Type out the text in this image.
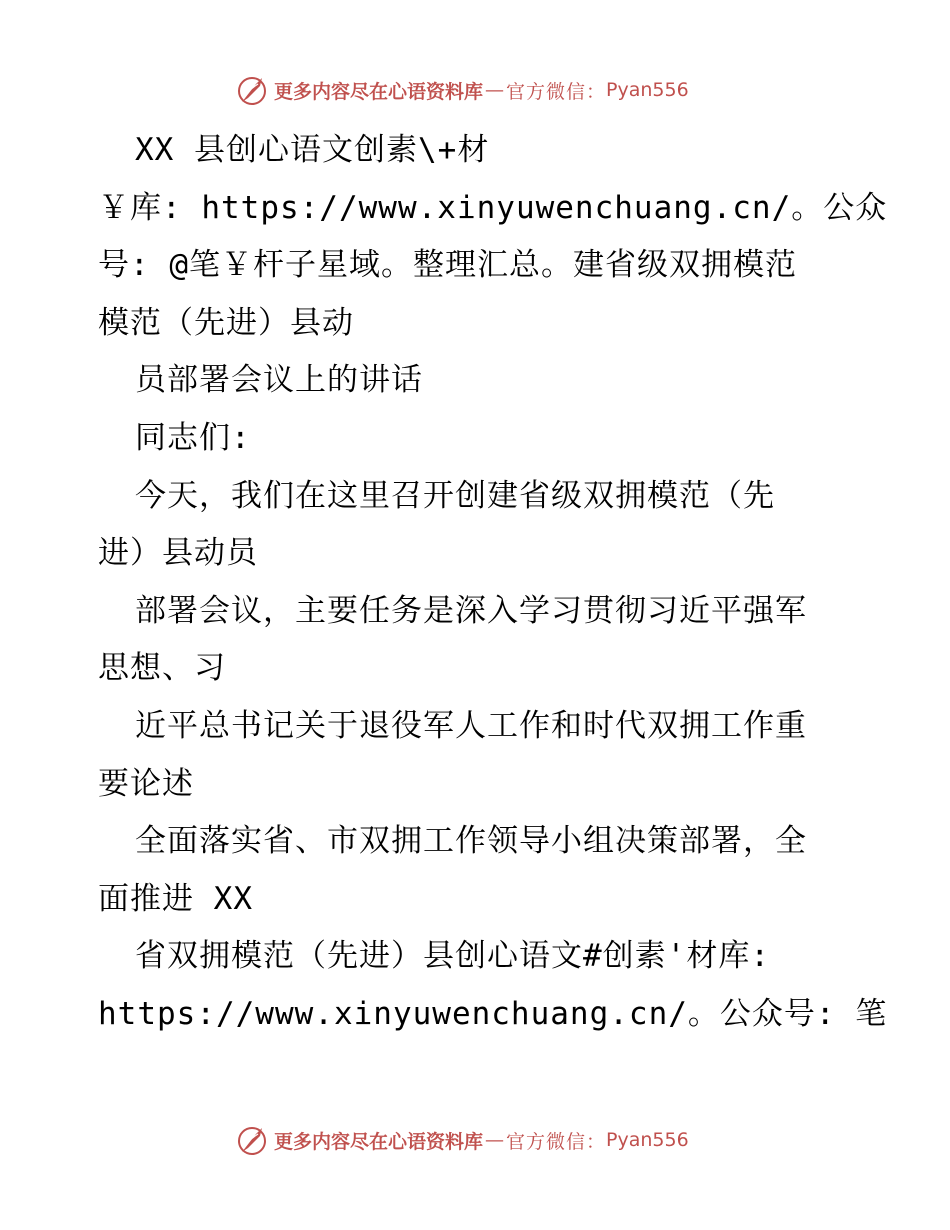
更多内容尽在心语资料库 — 官方微信： Pyan556
XX 县创心语文创素\+材
￥库: https://www.xinyuwenchuang.cn/。公众
号: @笔￥杆子星域。整理汇总。建省级双拥模范
模范（先进）县动
员部署会议上的讲话
同志们:
今天，我们在这里召开创建省级双拥模范（先
进）县动员
部署会议，主要任务是深入学习贯彻习近平强军
思想、习
近平总书记关于退役军人工作和时代双拥工作重
要论述
全面落实省、市双拥工作领导小组决策部署，全
面推进 XX
省双拥模范（先进）县创心语文#创素'材库:
https://www.xinyuwenchuang.cn/。公众号: 笔
更多内容尽在心语资料库 — 官方微信： Pyan556
